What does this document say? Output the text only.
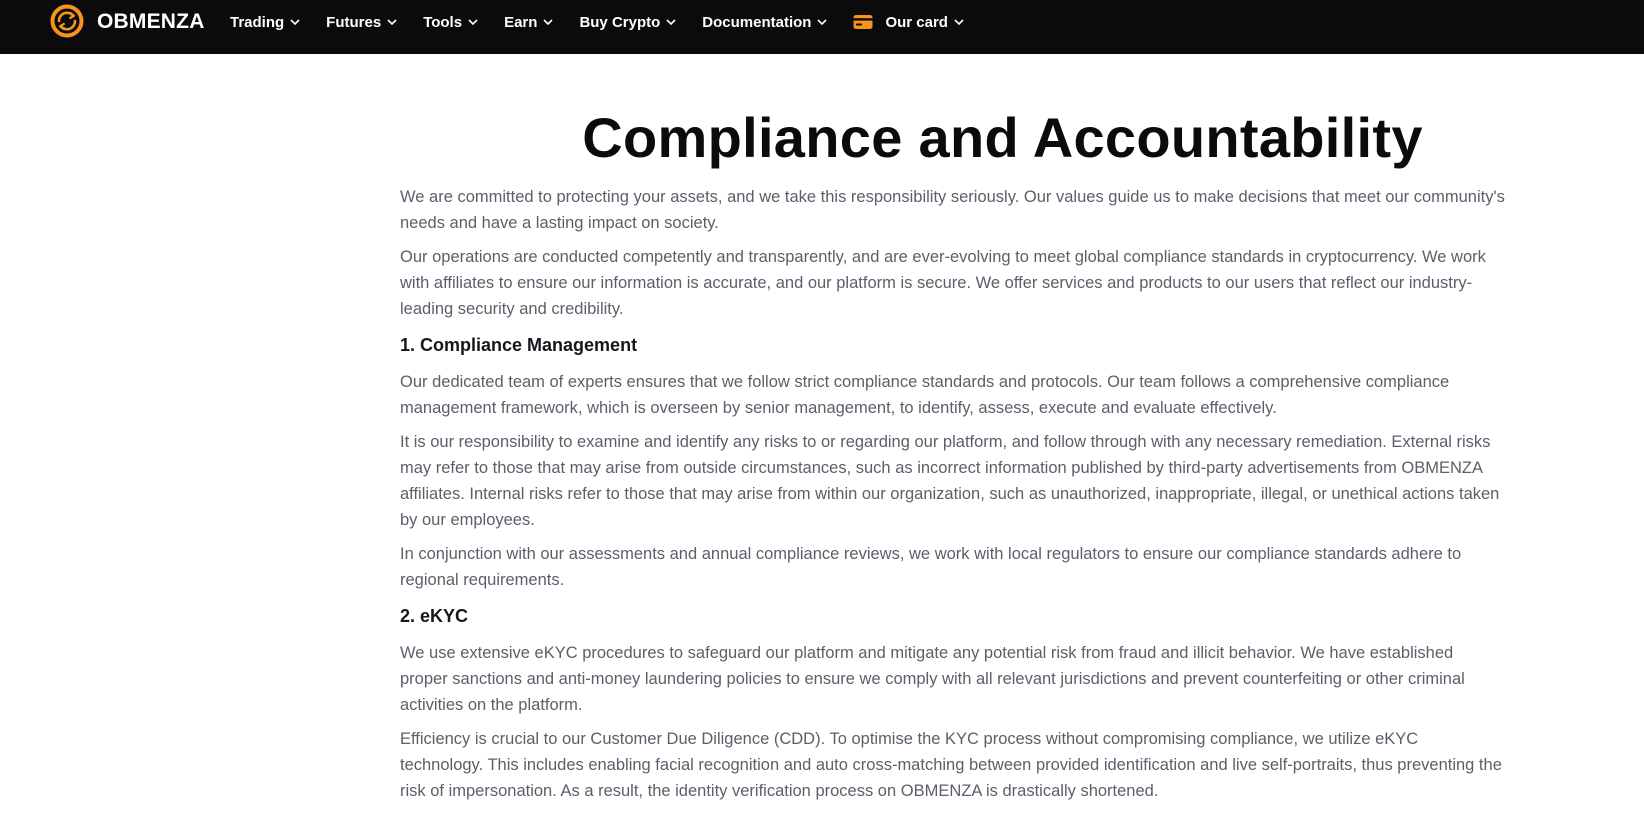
OBMENZA Trading	Futures	Tools	Earn	Buy Crypto	Documentation	Our card
Compliance and Accountability

We are committed to protecting your assets, and we take this responsibility seriously. Our values guide us to make decisions that meet our community's needs and have a lasting impact on society.

Our operations are conducted competently and transparently, and are ever-evolving to meet global compliance standards in cryptocurrency. We work with affiliates to ensure our information is accurate, and our platform is secure. We offer services and products to our users that reflect our industry-leading security and credibility.

1. Compliance Management

Our dedicated team of experts ensures that we follow strict compliance standards and protocols. Our team follows a comprehensive compliance management framework, which is overseen by senior management, to identify, assess, execute and evaluate effectively.

It is our responsibility to examine and identify any risks to or regarding our platform, and follow through with any necessary remediation. External risks may refer to those that may arise from outside circumstances, such as incorrect information published by third-party advertisements from OBMENZA affiliates. Internal risks refer to those that may arise from within our organization, such as unauthorized, inappropriate, illegal, or unethical actions taken by our employees.

In conjunction with our assessments and annual compliance reviews, we work with local regulators to ensure our compliance standards adhere to regional requirements.

2. eKYC

We use extensive eKYC procedures to safeguard our platform and mitigate any potential risk from fraud and illicit behavior. We have established proper sanctions and anti-money laundering policies to ensure we comply with all relevant jurisdictions and prevent counterfeiting or other criminal activities on the platform.

Efficiency is crucial to our Customer Due Diligence (CDD). To optimise the KYC process without compromising compliance, we utilize eKYC technology. This includes enabling facial recognition and auto cross-matching between provided identification and live self-portraits, thus preventing the risk of impersonation. As a result, the identity verification process on OBMENZA is drastically shortened.
